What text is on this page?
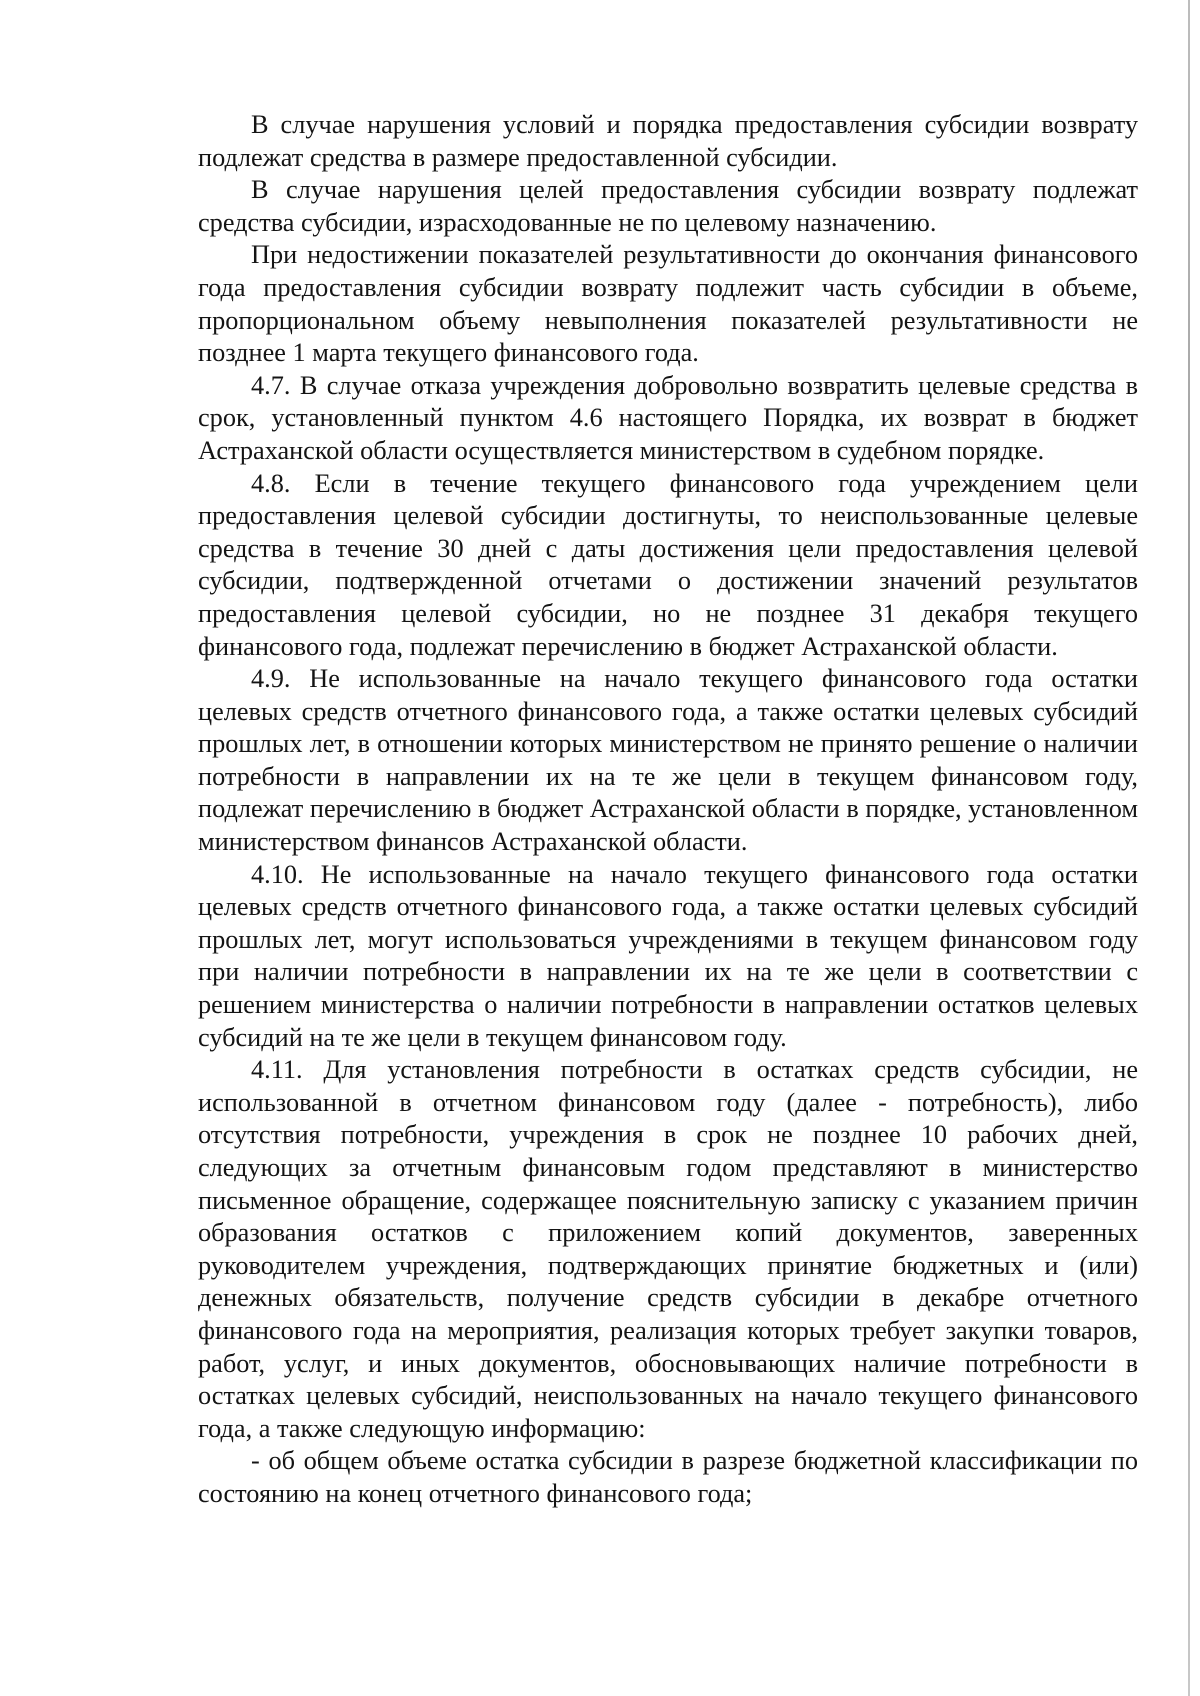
В случае нарушения условий и порядка предоставления субсидии возврату подлежат средства в размере предоставленной субсидии.

В случае нарушения целей предоставления субсидии возврату подлежат средства субсидии, израсходованные не по целевому назначению.

При недостижении показателей результативности до окончания финансового года предоставления субсидии возврату подлежит часть субсидии в объеме, пропорциональном объему невыполнения показателей результативности не позднее 1 марта текущего финансового года.

4.7. В случае отказа учреждения добровольно возвратить целевые средства в срок, установленный пунктом 4.6 настоящего Порядка, их возврат в бюджет Астраханской области осуществляется министерством в судебном порядке.

4.8. Если в течение текущего финансового года учреждением цели предоставления целевой субсидии достигнуты, то неиспользованные целевые средства в течение 30 дней с даты достижения цели предоставления целевой субсидии, подтвержденной отчетами о достижении значений результатов предоставления целевой субсидии, но не позднее 31 декабря текущего финансового года, подлежат перечислению в бюджет Астраханской области.

4.9. Не использованные на начало текущего финансового года остатки целевых средств отчетного финансового года, а также остатки целевых субсидий прошлых лет, в отношении которых министерством не принято решение о наличии потребности в направлении их на те же цели в текущем финансовом году, подлежат перечислению в бюджет Астраханской области в порядке, установленном министерством финансов Астраханской области.

4.10. Не использованные на начало текущего финансового года остатки целевых средств отчетного финансового года, а также остатки целевых субсидий прошлых лет, могут использоваться учреждениями в текущем финансовом году при наличии потребности в направлении их на те же цели в соответствии с решением министерства о наличии потребности в направлении остатков целевых субсидий на те же цели в текущем финансовом году.

4.11. Для установления потребности в остатках средств субсидии, не использованной в отчетном финансовом году (далее - потребность), либо отсутствия потребности, учреждения в срок не позднее 10 рабочих дней, следующих за отчетным финансовым годом представляют в министерство письменное обращение, содержащее пояснительную записку с указанием причин образования остатков с приложением копий документов, заверенных руководителем учреждения, подтверждающих принятие бюджетных и (или) денежных обязательств, получение средств субсидии в декабре отчетного финансового года на мероприятия, реализация которых требует закупки товаров, работ, услуг, и иных документов, обосновывающих наличие потребности в остатках целевых субсидий, неиспользованных на начало текущего финансового года, а также следующую информацию:

- об общем объеме остатка субсидии в разрезе бюджетной классификации по состоянию на конец отчетного финансового года;
